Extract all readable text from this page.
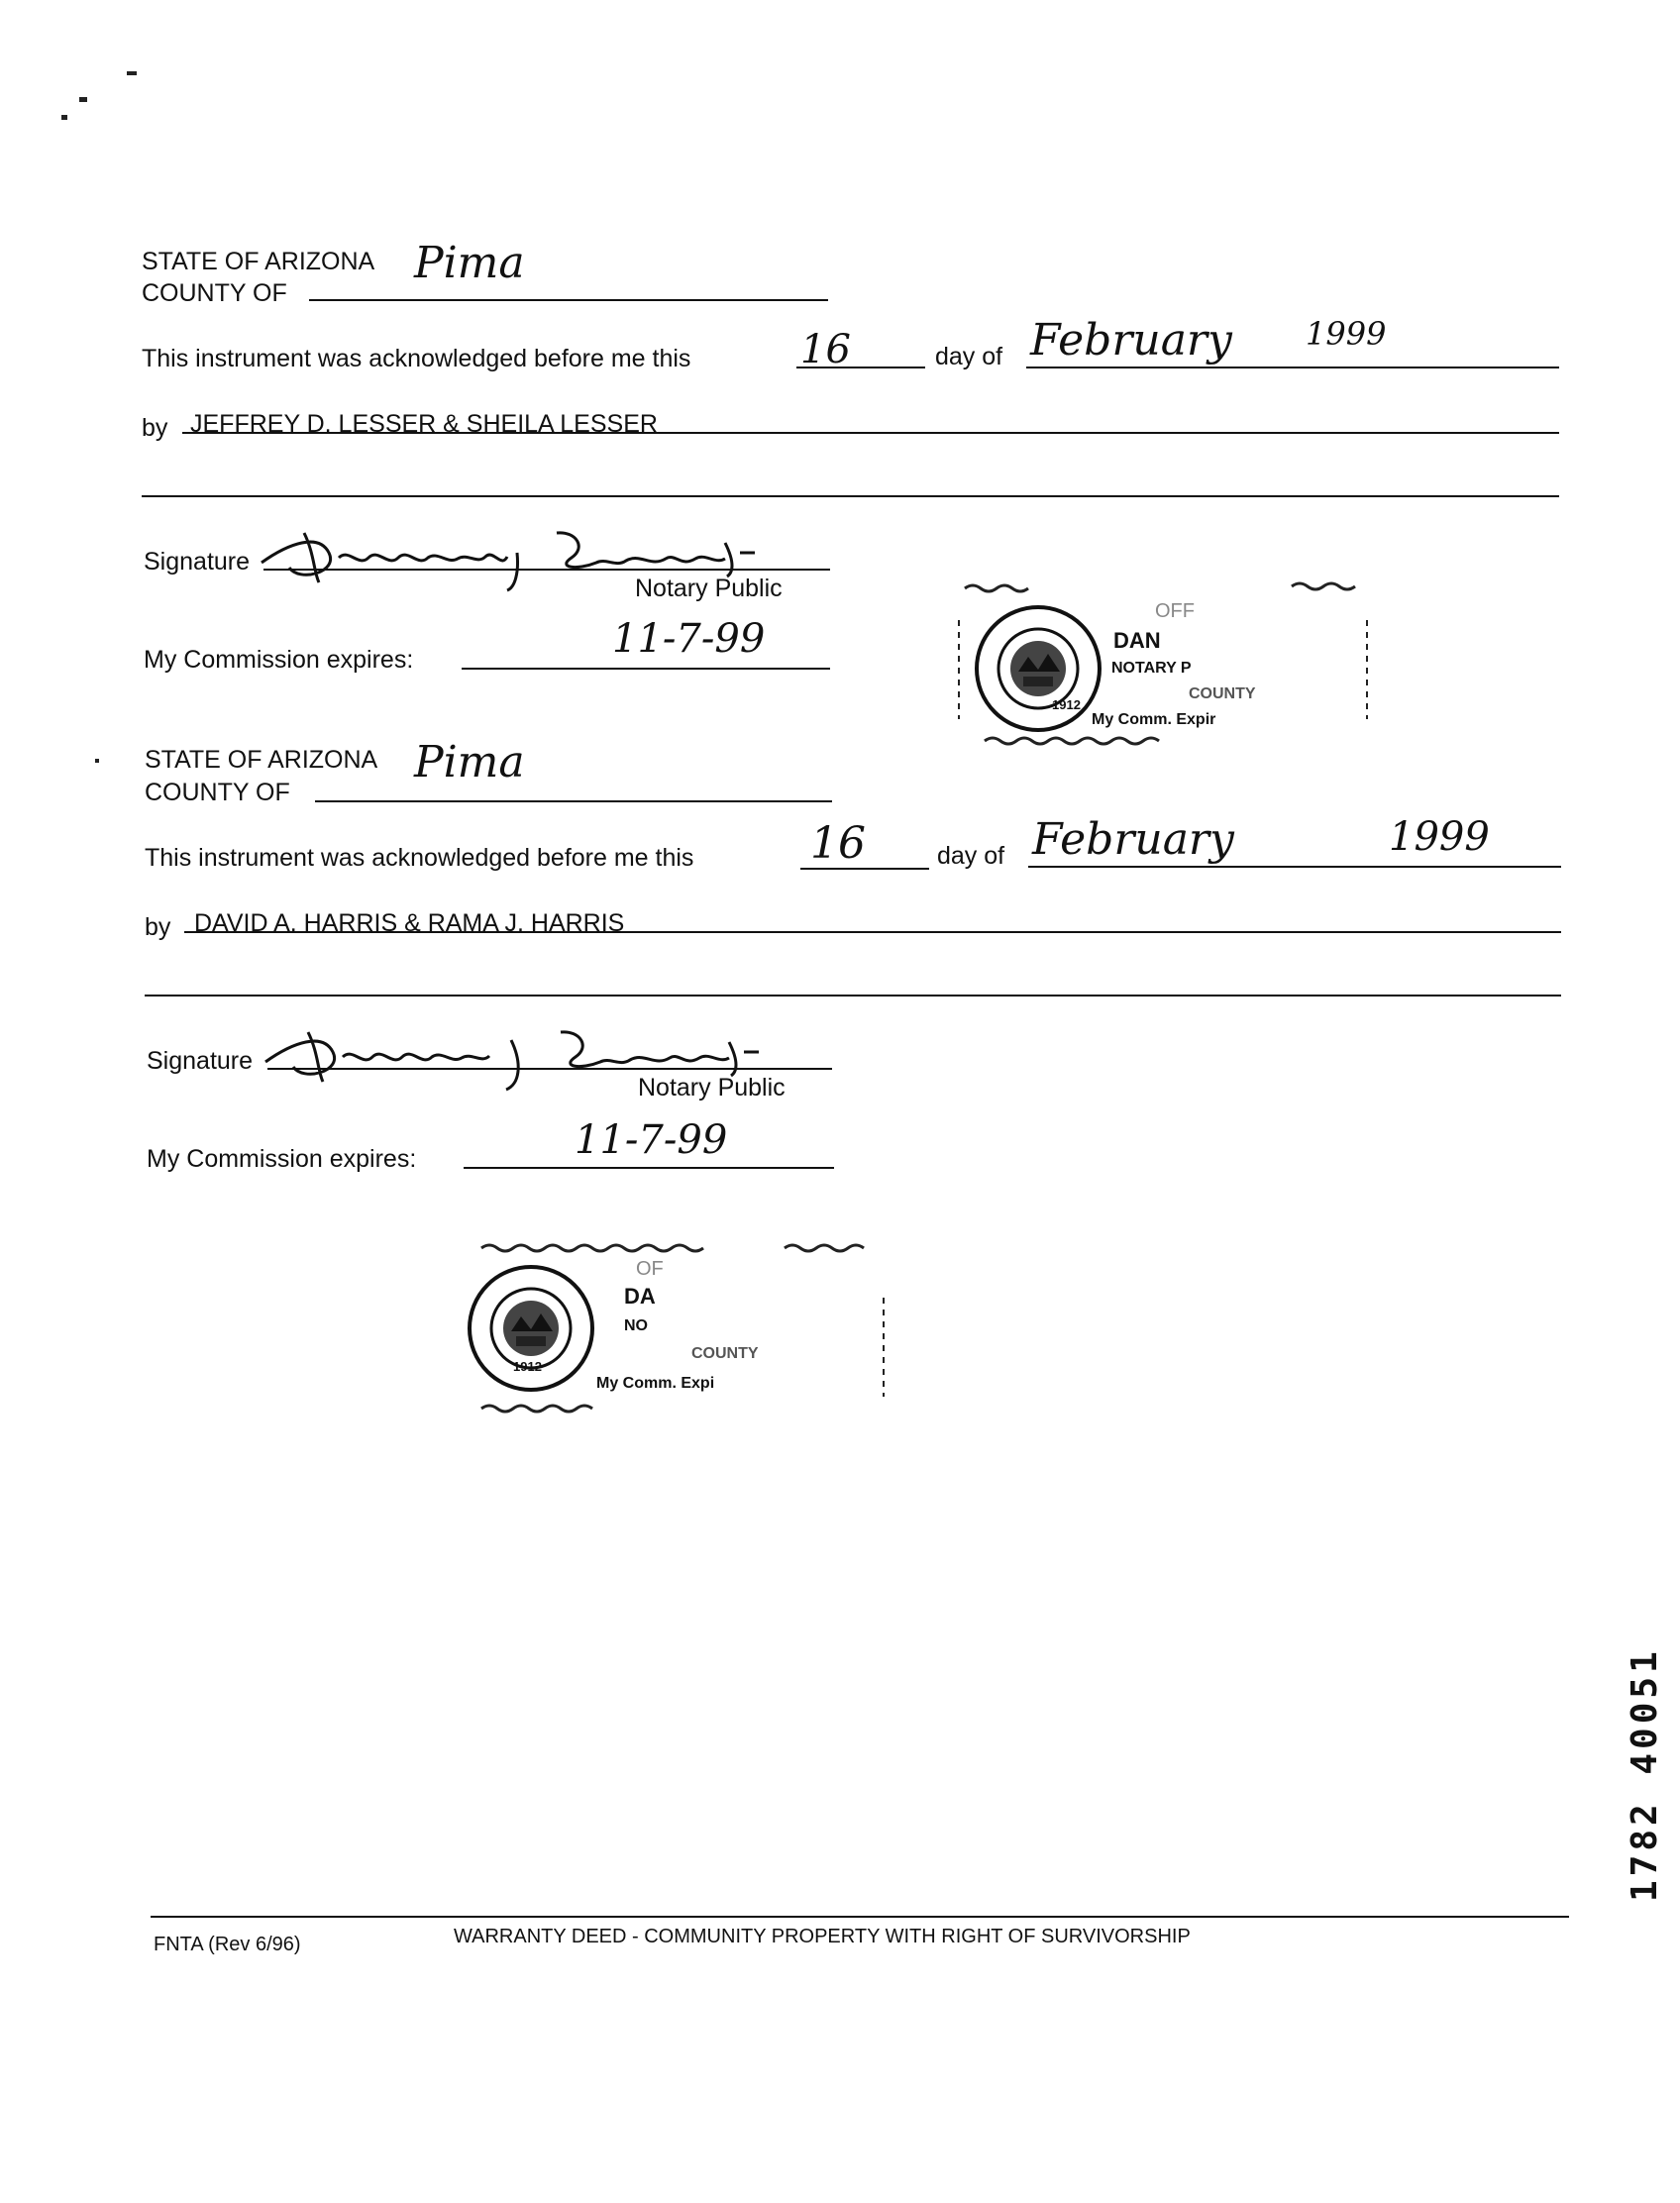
STATE OF ARIZONA
COUNTY OF
Pima
This instrument was acknowledged before me this	16	day of February 1999
by JEFFREY D. LESSER & SHEILA LESSER
Signature
Notary Public
My Commission expires:	11-7-99
1912
OFF
DAN
NOTARY P
COUNTY
My Comm. Expir
STATE OF ARIZONA
COUNTY OF
Pima
This instrument was acknowledged before me this	16	day of February	1999
by DAVID A. HARRIS & RAMA J. HARRIS
Signature
Notary Public
My Commission expires:	11-7-99
1912
OF
DA
NO
COUNTY
My Comm. Expi
1782 40051
FNTA (Rev 6/96)	WARRANTY DEED - COMMUNITY PROPERTY WITH RIGHT OF SURVIVORSHIP
